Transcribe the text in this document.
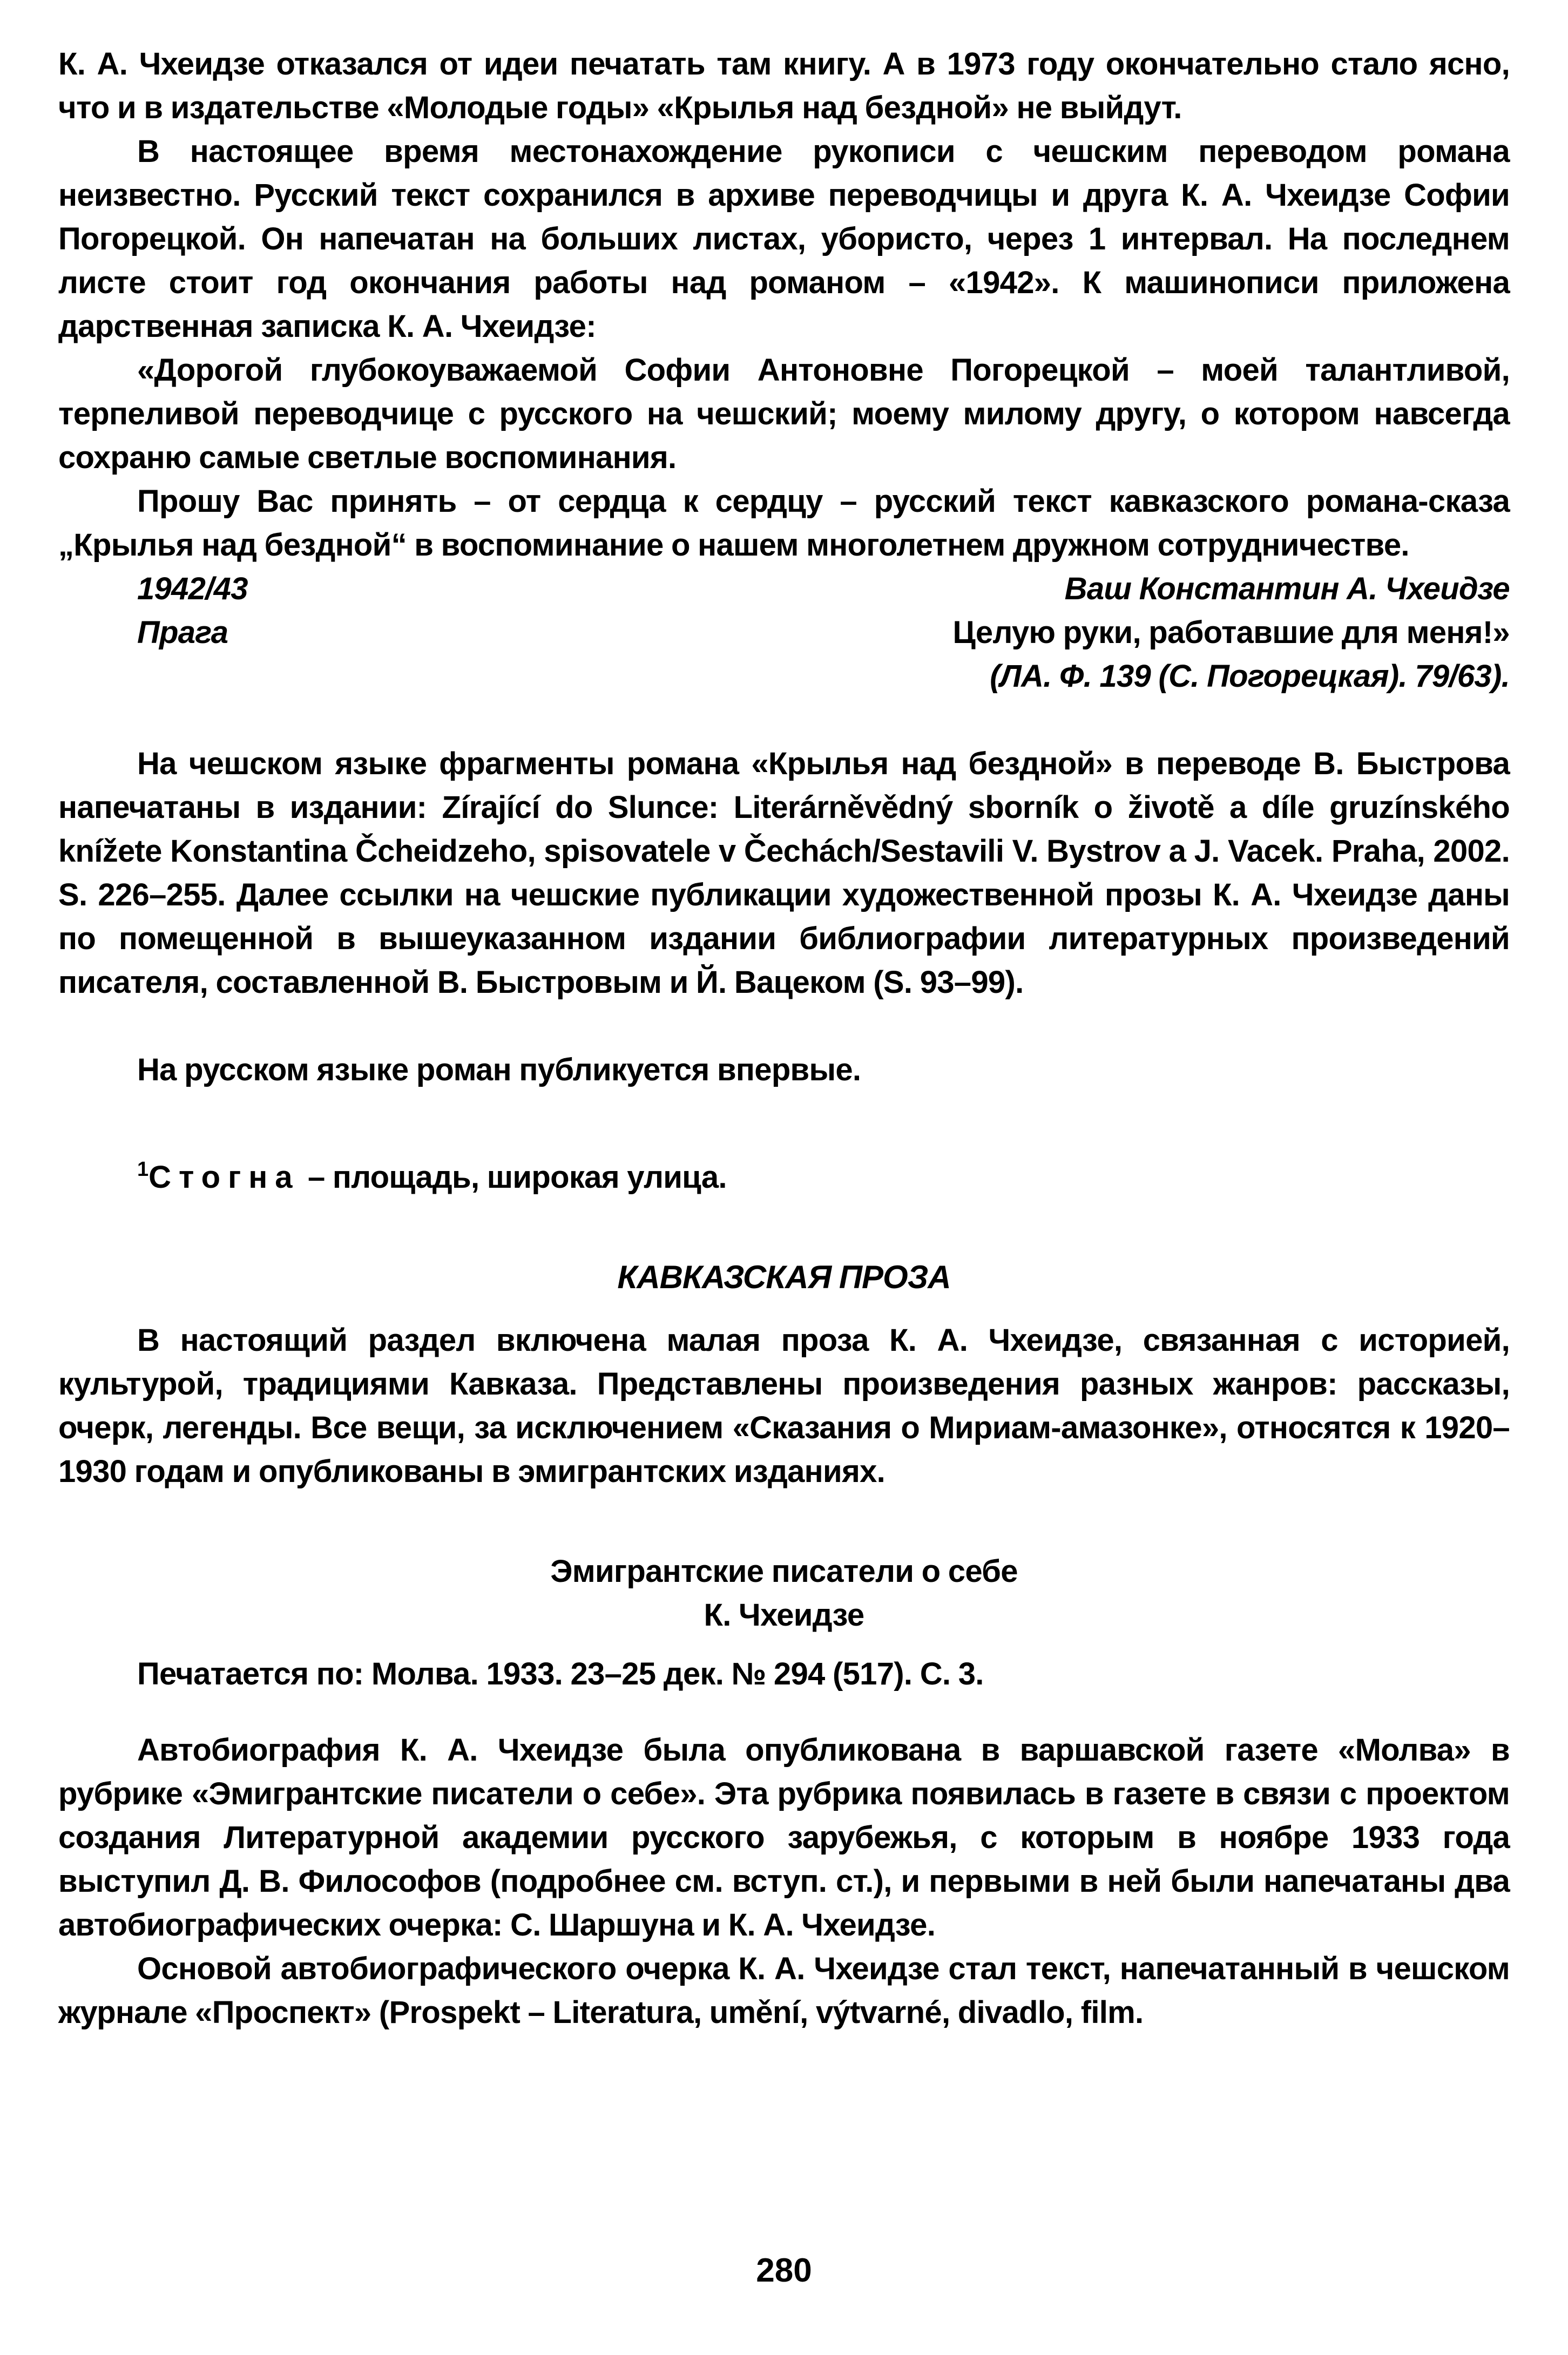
К. А. Чхеидзе отказался от идеи печатать там книгу. А в 1973 году окончательно стало ясно, что и в издательстве «Молодые годы» «Крылья над бездной» не выйдут.

В настоящее время местонахождение рукописи с чешским переводом романа неизвестно. Русский текст сохранился в архиве переводчицы и друга К. А. Чхеидзе Софии Погорецкой. Он напечатан на больших листах, убористо, через 1 интервал. На последнем листе стоит год окончания работы над романом – «1942». К машинописи приложена дарственная записка К. А. Чхеидзе:

«Дорогой глубокоуважаемой Софии Антоновне Погорецкой – моей талантливой, терпеливой переводчице с русского на чешский; моему милому другу, о котором навсегда сохраню самые светлые воспоминания.

Прошу Вас принять – от сердца к сердцу – русский текст кавказского романа-сказа „Крылья над бездной“ в воспоминание о нашем многолетнем дружном сотрудничестве.

1942/43	Ваш Константин А. Чхеидзе
Прага	Целую руки, работавшие для меня!»
(ЛА. Ф. 139 (С. Погорецкая). 79/63).

На чешском языке фрагменты романа «Крылья над бездной» в переводе В. Быстрова напечатаны в издании: Zírající do Slunce: Literárněvědný sborník o životě a díle gruzínského knížete Konstantina Čcheidzeho, spisovatele v Čechách/Sestavili V. Bystrov a J. Vacek. Praha, 2002. S. 226–255. Далее ссылки на чешские публикации художественной прозы К. А. Чхеидзе даны по помещенной в вышеуказанном издании библиографии литературных произведений писателя, составленной В. Быстровым и Й. Вацеком (S. 93–99).

На русском языке роман публикуется впервые.

$^1$Стогна – площадь, широкая улица.

КАВКАЗСКАЯ ПРОЗА

В настоящий раздел включена малая проза К. А. Чхеидзе, связанная с историей, культурой, традициями Кавказа. Представлены произведения разных жанров: рассказы, очерк, легенды. Все вещи, за исключением «Сказания о Мириам-амазонке», относятся к 1920–1930 годам и опубликованы в эмигрантских изданиях.

Эмигрантские писатели о себе

К. Чхеидзе

Печатается по: Молва. 1933. 23–25 дек. № 294 (517). С. 3.

Автобиография К. А. Чхеидзе была опубликована в варшавской газете «Молва» в рубрике «Эмигрантские писатели о себе». Эта рубрика появилась в газете в связи с проектом создания Литературной академии русского зарубежья, с которым в ноябре 1933 года выступил Д. В. Философов (подробнее см. вступ. ст.), и первыми в ней были напечатаны два автобиографических очерка: С. Шаршуна и К. А. Чхеидзе.

Основой автобиографического очерка К. А. Чхеидзе стал текст, напечатанный в чешском журнале «Проспект» (Prospekt – Literatura, umění, výtvarné, divadlo, film.

280
